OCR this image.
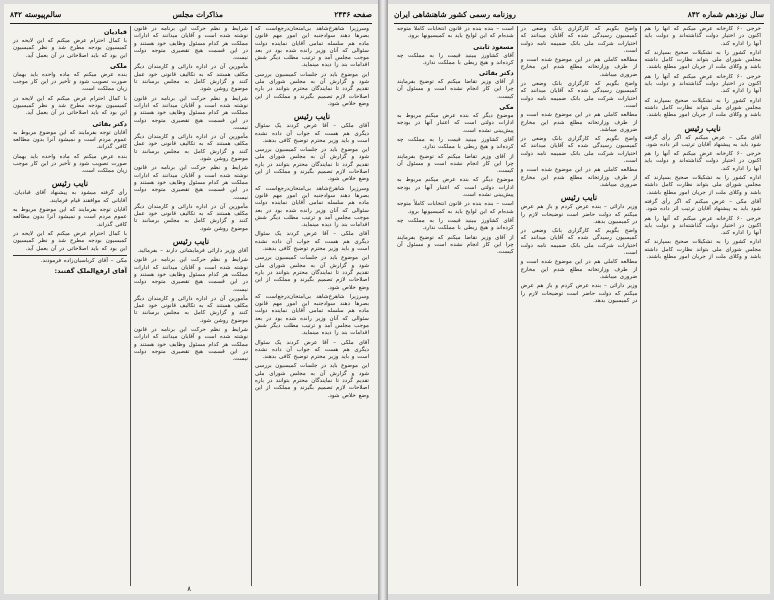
صفحه ۲۴۳۶
مذاکرات مجلس
سالم‌پیوسته ۸۴۲

وسرزیرا شاهرخ‌شاهد بی‌امتحان‌درجع‌است که بصرها دهند سواد‌جنبه این امور مهم قانون ماده هم سلسله تمامی آقایان نماینده دولت سئوالی که آنان وزیر رانده شده بود در بعد موجب مجلس آمد و ترتیب مطلب دیگر شش اقدامات بند را دیده مینماید.

این موضوع باید در جلسات کمیسیون بررسی شود و گزارش آن به مجلس شورای ملی تقدیم گردد تا نمایندگان محترم بتوانند در باره اصلاحات لازم تصمیم بگیرند و مملکت از این وضع خلاص شود.

نایب‌ رئیس

آقای ملکی – آقا عرض کردند یک سئوال دیگری هم هست که جواب آن داده نشده است و باید وزیر محترم توضیح کافی بدهند.

این موضوع باید در جلسات کمیسیون بررسی شود و گزارش آن به مجلس شورای ملی تقدیم گردد تا نمایندگان محترم بتوانند در باره اصلاحات لازم تصمیم بگیرند و مملکت از این وضع خلاص شود.

وسرزیرا شاهرخ‌شاهد بی‌امتحان‌درجع‌است که بصرها دهند سواد‌جنبه این امور مهم قانون ماده هم سلسله تمامی آقایان نماینده دولت سئوالی که آنان وزیر رانده شده بود در بعد موجب مجلس آمد و ترتیب مطلب دیگر شش اقدامات بند را دیده مینماید.

آقای ملکی – آقا عرض کردند یک سئوال دیگری هم هست که جواب آن داده نشده است و باید وزیر محترم توضیح کافی بدهند.

این موضوع باید در جلسات کمیسیون بررسی شود و گزارش آن به مجلس شورای ملی تقدیم گردد تا نمایندگان محترم بتوانند در باره اصلاحات لازم تصمیم بگیرند و مملکت از این وضع خلاص شود.

وسرزیرا شاهرخ‌شاهد بی‌امتحان‌درجع‌است که بصرها دهند سواد‌جنبه این امور مهم قانون ماده هم سلسله تمامی آقایان نماینده دولت سئوالی که آنان وزیر رانده شده بود در بعد موجب مجلس آمد و ترتیب مطلب دیگر شش اقدامات بند را دیده مینماید.

آقای ملکی – آقا عرض کردند یک سئوال دیگری هم هست که جواب آن داده نشده است و باید وزیر محترم توضیح کافی بدهند.

این موضوع باید در جلسات کمیسیون بررسی شود و گزارش آن به مجلس شورای ملی تقدیم گردد تا نمایندگان محترم بتوانند در باره اصلاحات لازم تصمیم بگیرند و مملکت از این وضع خلاص شود.

شرایط و نظم حرکت این برنامه در قانون نوشته شده است و آقایان میدانند که ادارات مملکت هر کدام مسئول وظایف خود هستند و در این قسمت هیچ تقصیری متوجه دولت نیست.

مأمورین آن در اداره دارائی و کارمندان دیگر مکلف هستند که به تکالیف قانونی خود عمل کنند و گزارش کامل به مجلس برسانند تا موضوع روشن شود.

شرایط و نظم حرکت این برنامه در قانون نوشته شده است و آقایان میدانند که ادارات مملکت هر کدام مسئول وظایف خود هستند و در این قسمت هیچ تقصیری متوجه دولت نیست.

مأمورین آن در اداره دارائی و کارمندان دیگر مکلف هستند که به تکالیف قانونی خود عمل کنند و گزارش کامل به مجلس برسانند تا موضوع روشن شود.

شرایط و نظم حرکت این برنامه در قانون نوشته شده است و آقایان میدانند که ادارات مملکت هر کدام مسئول وظایف خود هستند و در این قسمت هیچ تقصیری متوجه دولت نیست.

مأمورین آن در اداره دارائی و کارمندان دیگر مکلف هستند که به تکالیف قانونی خود عمل کنند و گزارش کامل به مجلس برسانند تا موضوع روشن شود.

نایب‌ رئیس

آقای وزیر دارائی فرمایشاتی دارند – بفرمائید.

شرایط و نظم حرکت این برنامه در قانون نوشته شده است و آقایان میدانند که ادارات مملکت هر کدام مسئول وظایف خود هستند و در این قسمت هیچ تقصیری متوجه دولت نیست.

مأمورین آن در اداره دارائی و کارمندان دیگر مکلف هستند که به تکالیف قانونی خود عمل کنند و گزارش کامل به مجلس برسانند تا موضوع روشن شود.

شرایط و نظم حرکت این برنامه در قانون نوشته شده است و آقایان میدانند که ادارات مملکت هر کدام مسئول وظایف خود هستند و در این قسمت هیچ تقصیری متوجه دولت نیست.

قبادیان

با کمال احترام عرض میکنم که این لایحه در کمیسیون بودجه مطرح شد و نظر کمیسیون این بود که باید اصلاحاتی در آن بعمل آید.

ملکی

بنده عرض میکنم که ماده واحده باید بهمان صورت تصویب شود و تأخیر در این کار موجب زیان مملکت است.

با کمال احترام عرض میکنم که این لایحه در کمیسیون بودجه مطرح شد و نظر کمیسیون این بود که باید اصلاحاتی در آن بعمل آید.

دکتر بقائی

آقایان توجه بفرمایند که این موضوع مربوط به عموم مردم است و نمیشود آنرا بدون مطالعه کافی گذراند.

بنده عرض میکنم که ماده واحده باید بهمان صورت تصویب شود و تأخیر در این کار موجب زیان مملکت است.

نایب رئیس

رأی گرفته میشود به پیشنهاد آقای قبادیان. آقایانی که موافقند قیام فرمایند.

آقایان توجه بفرمایند که این موضوع مربوط به عموم مردم است و نمیشود آنرا بدون مطالعه کافی گذراند.

با کمال احترام عرض میکنم که این لایحه در کمیسیون بودجه مطرح شد و نظر کمیسیون این بود که باید اصلاحاتی در آن بعمل آید.

مکی – آقای کرباسیان‌زاده فرمودند.

آقای ارفع‌الملک گفتند:
۸
سال نوزدهم شماره ۸۴۲
روزنامه رسمی کشور شاهنشاهی ایران

خرجی ۶۰ کارخانه عرض میکنم که آنها را هم اکنون در اختیار دولت گذاشته‌اند و دولت باید آنها را اداره کند.

اداره کشور را به تشکیلات صحیح بسپارند که مجلس شورای ملی بتواند نظارت کامل داشته باشد و وکلای ملت از جریان امور مطلع باشند.

خرجی ۶۰ کارخانه عرض میکنم که آنها را هم اکنون در اختیار دولت گذاشته‌اند و دولت باید آنها را اداره کند.

اداره کشور را به تشکیلات صحیح بسپارند که مجلس شورای ملی بتواند نظارت کامل داشته باشد و وکلای ملت از جریان امور مطلع باشند.

نایب‌ رئیس

آقای مکی – عرض میکنم که اگر رأی گرفته شود باید به پیشنهاد آقایان ترتیب اثر داده شود.

خرجی ۶۰ کارخانه عرض میکنم که آنها را هم اکنون در اختیار دولت گذاشته‌اند و دولت باید آنها را اداره کند.

اداره کشور را به تشکیلات صحیح بسپارند که مجلس شورای ملی بتواند نظارت کامل داشته باشد و وکلای ملت از جریان امور مطلع باشند.

آقای مکی – عرض میکنم که اگر رأی گرفته شود باید به پیشنهاد آقایان ترتیب اثر داده شود.

خرجی ۶۰ کارخانه عرض میکنم که آنها را هم اکنون در اختیار دولت گذاشته‌اند و دولت باید آنها را اداره کند.

اداره کشور را به تشکیلات صحیح بسپارند که مجلس شورای ملی بتواند نظارت کامل داشته باشد و وکلای ملت از جریان امور مطلع باشند.

واضح بگویم که کارگزاری بانک وضعی در کمیسیون رسیدگی شده که آقایان میدانند که اختیارات شرکت ملی بانک ضمیمه نامه دولت است.

مطالعه کاملی هم در این موضوع شده است و از طرف وزارتخانه مطلع شدم این مخارج ضروری میباشد.

واضح بگویم که کارگزاری بانک وضعی در کمیسیون رسیدگی شده که آقایان میدانند که اختیارات شرکت ملی بانک ضمیمه نامه دولت است.

مطالعه کاملی هم در این موضوع شده است و از طرف وزارتخانه مطلع شدم این مخارج ضروری میباشد.

واضح بگویم که کارگزاری بانک وضعی در کمیسیون رسیدگی شده که آقایان میدانند که اختیارات شرکت ملی بانک ضمیمه نامه دولت است.

مطالعه کاملی هم در این موضوع شده است و از طرف وزارتخانه مطلع شدم این مخارج ضروری میباشد.

نایب‌ رئیس

وزیر دارائی – بنده عرض کردم و باز هم عرض میکنم که دولت حاضر است توضیحات لازم را در کمیسیون بدهد.

واضح بگویم که کارگزاری بانک وضعی در کمیسیون رسیدگی شده که آقایان میدانند که اختیارات شرکت ملی بانک ضمیمه نامه دولت است.

مطالعه کاملی هم در این موضوع شده است و از طرف وزارتخانه مطلع شدم این مخارج ضروری میباشد.

وزیر دارائی – بنده عرض کردم و باز هم عرض میکنم که دولت حاضر است توضیحات لازم را در کمیسیون بدهد.

است – بنده بنده در قانون انتخابات کاملاً متوجه شده‌ام که این لوایح باید به کمیسیونها برود.

مسعود ثابتی

آقای کشاورز ببینید قیمت را به مملکت چه کرده‌اند و هیچ ربطی با مملکت ندارد.

دکتر بقائی

از آقای وزیر تقاضا میکنم که توضیح بفرمایند چرا این کار انجام نشده است و مسئول آن کیست.

مکی

موضوع دیگر که بنده عرض میکنم مربوط به ادارات دولتی است که اعتبار آنها در بودجه پیش‌بینی نشده است.

آقای کشاورز ببینید قیمت را به مملکت چه کرده‌اند و هیچ ربطی با مملکت ندارد.

از آقای وزیر تقاضا میکنم که توضیح بفرمایند چرا این کار انجام نشده است و مسئول آن کیست.

موضوع دیگر که بنده عرض میکنم مربوط به ادارات دولتی است که اعتبار آنها در بودجه پیش‌بینی نشده است.

است – بنده بنده در قانون انتخابات کاملاً متوجه شده‌ام که این لوایح باید به کمیسیونها برود.

آقای کشاورز ببینید قیمت را به مملکت چه کرده‌اند و هیچ ربطی با مملکت ندارد.

از آقای وزیر تقاضا میکنم که توضیح بفرمایند چرا این کار انجام نشده است و مسئول آن کیست.
